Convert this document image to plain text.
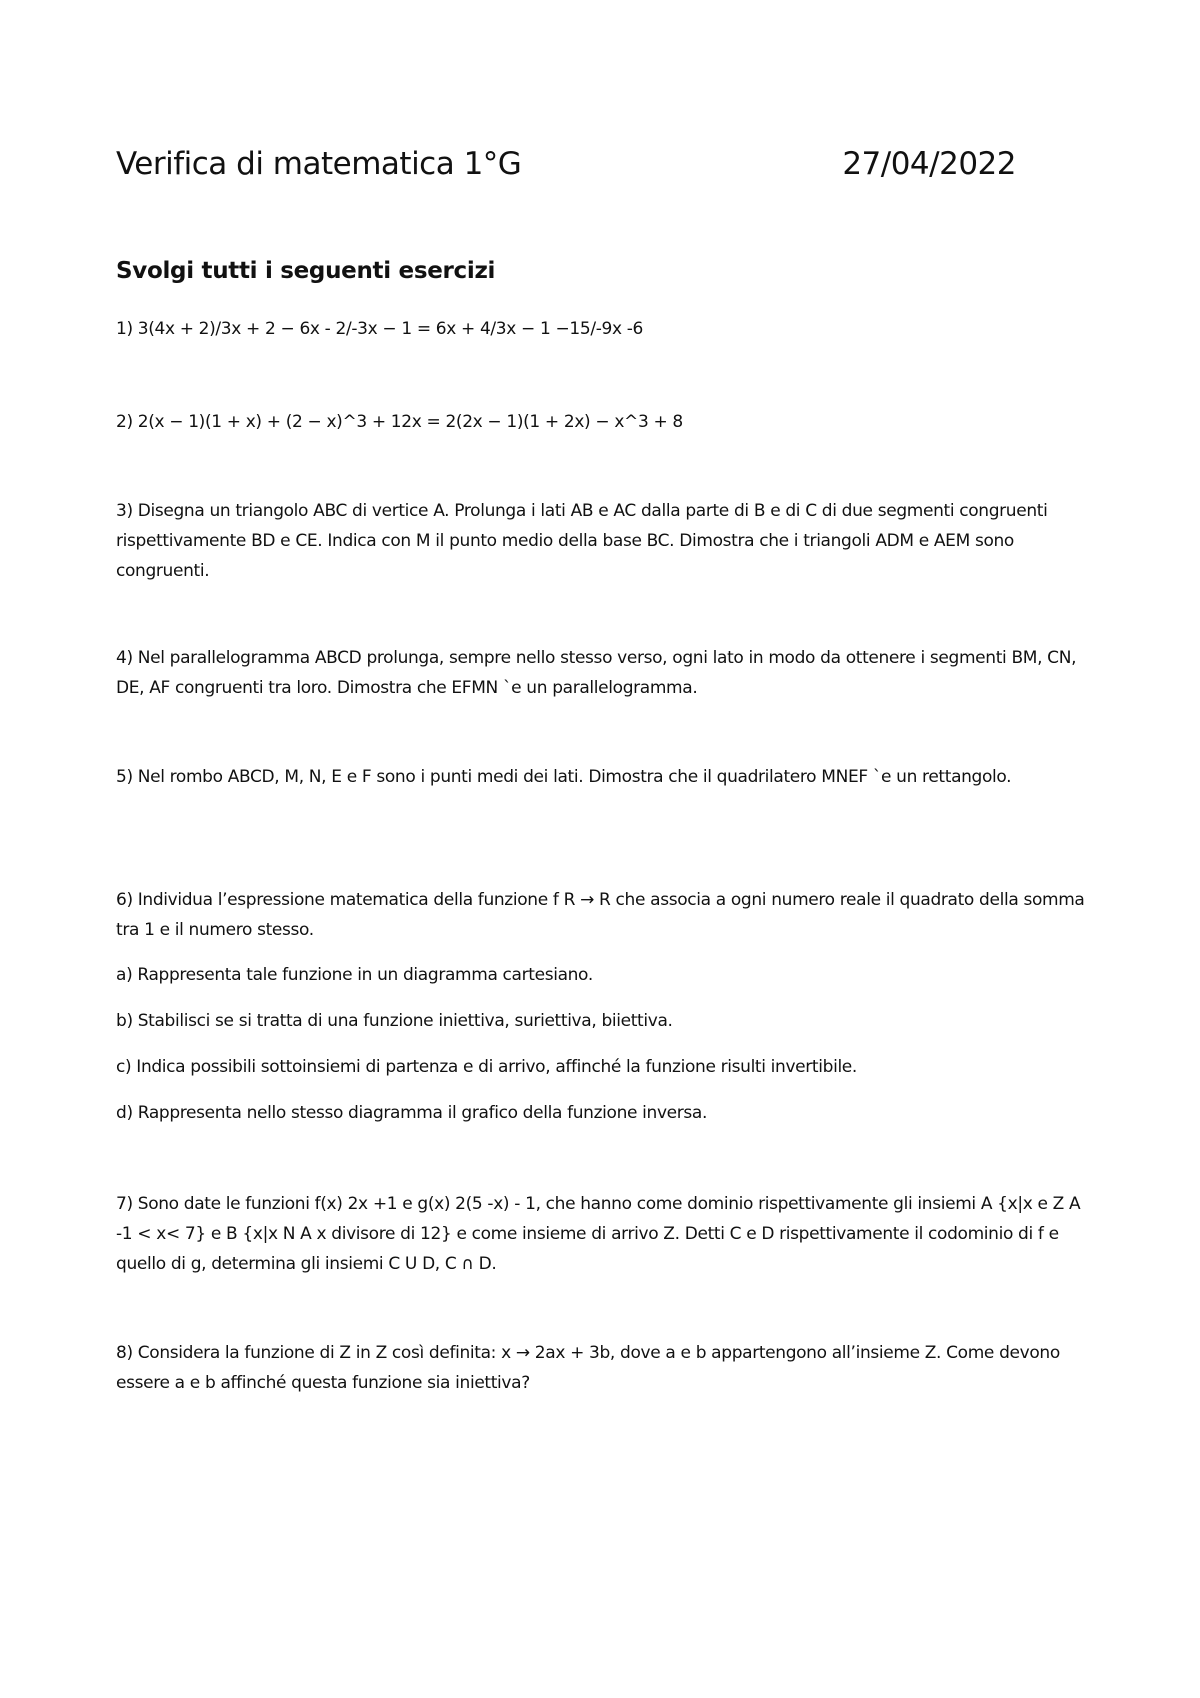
Verifica di matematica 1°G	27/04/2022
Svolgi tutti i seguenti esercizi
1) 3(4x + 2)/3x + 2 − 6x - 2/-3x − 1 = 6x + 4/3x − 1 −15/-9x -6
2) 2(x − 1)(1 + x) + (2 − x)^3 + 12x = 2(2x − 1)(1 + 2x) − x^3 + 8
3) Disegna un triangolo ABC di vertice A. Prolunga i lati AB e AC dalla parte di B e di C di due segmenti congruenti rispettivamente BD e CE. Indica con M il punto medio della base BC. Dimostra che i triangoli ADM e AEM sono congruenti.
4) Nel parallelogramma ABCD prolunga, sempre nello stesso verso, ogni lato in modo da ottenere i segmenti BM, CN, DE, AF congruenti tra loro. Dimostra che EFMN `e un parallelogramma.
5) Nel rombo ABCD, M, N, E e F sono i punti medi dei lati. Dimostra che il quadrilatero MNEF `e un rettangolo.
6) Individua l’espressione matematica della funzione f R → R che associa a ogni numero reale il quadrato della somma tra 1 e il numero stesso.
a) Rappresenta tale funzione in un diagramma cartesiano.
b) Stabilisci se si tratta di una funzione iniettiva, suriettiva, biiettiva.
c) Indica possibili sottoinsiemi di partenza e di arrivo, affinché la funzione risulti invertibile.
d) Rappresenta nello stesso diagramma il grafico della funzione inversa.
7) Sono date le funzioni f(x) 2x +1 e g(x) 2(5 -x) - 1, che hanno come dominio rispettivamente gli insiemi A {x|x e Z A -1 < x< 7} e B {x|x N A x divisore di 12} e come insieme di arrivo Z. Detti C e D rispettivamente il codominio di f e quello di g, determina gli insiemi C U D, C ∩ D.
8) Considera la funzione di Z in Z così definita: x → 2ax + 3b, dove a e b appartengono all’insieme Z. Come devono essere a e b affinché questa funzione sia iniettiva?
